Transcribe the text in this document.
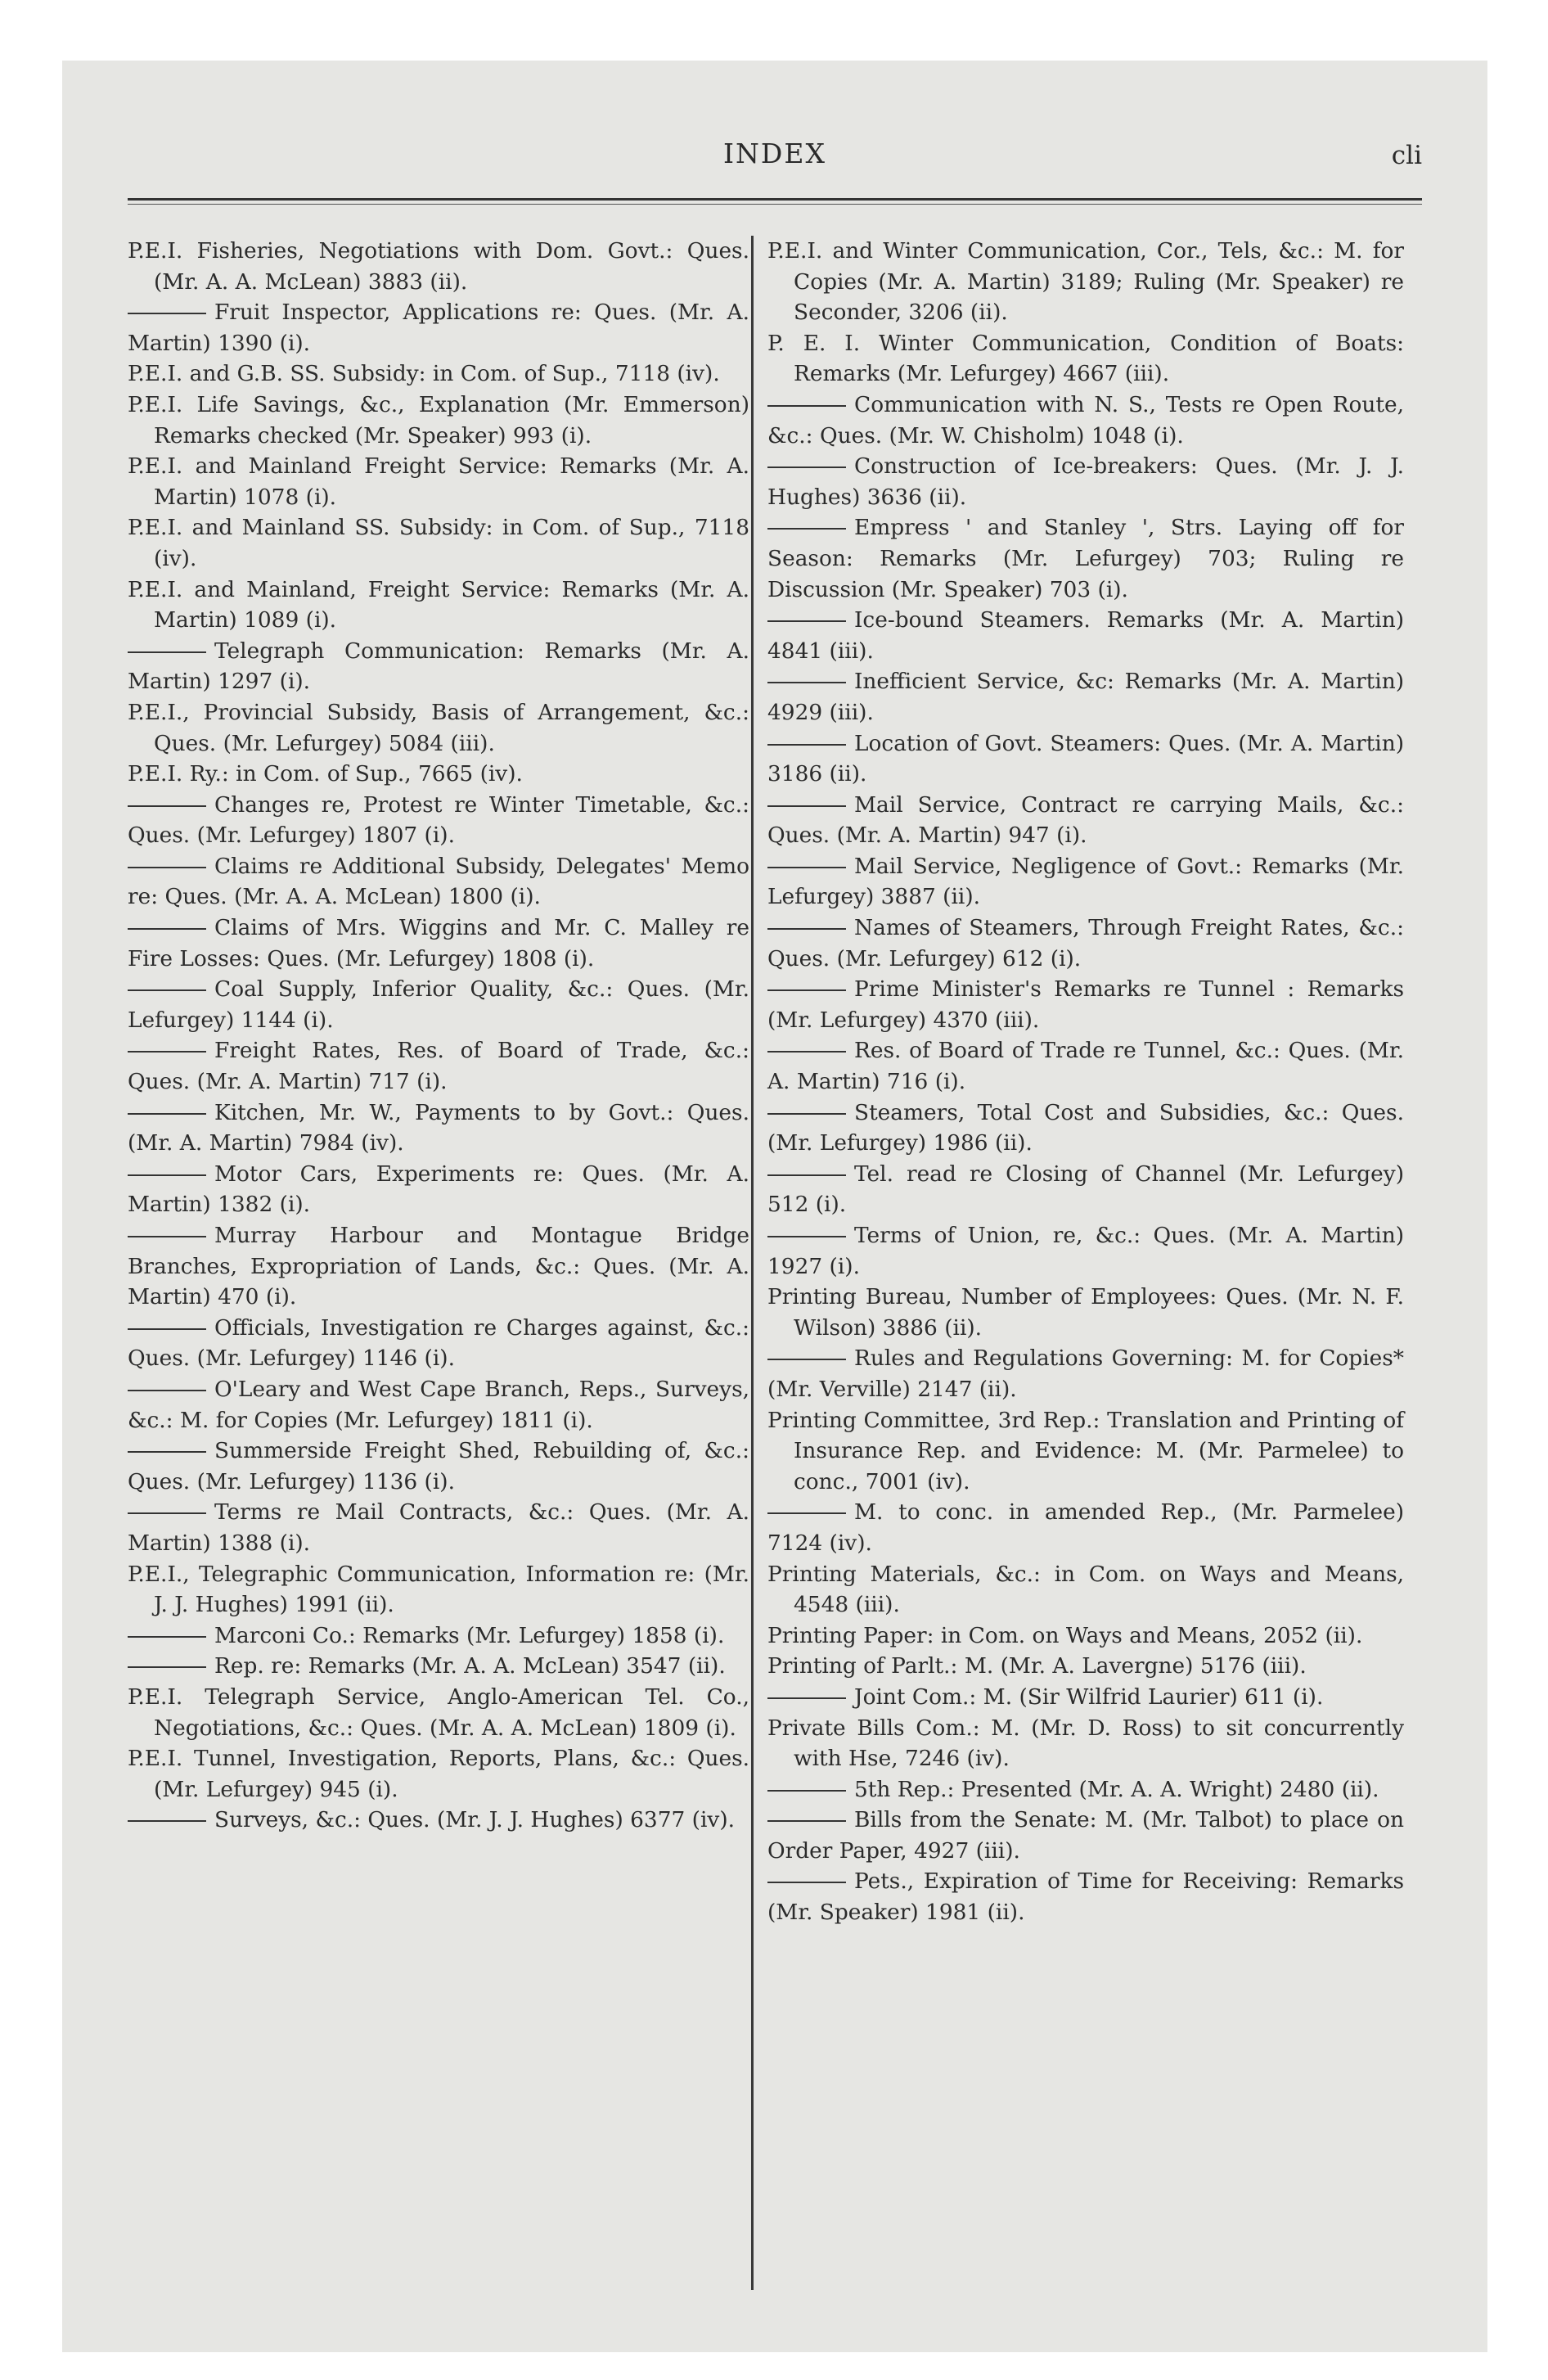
INDEX	cli

P.E.I. Fisheries, Negotiations with Dom. Govt.: Ques. (Mr. A. A. McLean) 3883 (ii).

Fruit Inspector, Applications re: Ques. (Mr. A. Martin) 1390 (i).

P.E.I. and G.B. SS. Subsidy: in Com. of Sup., 7118 (iv).

P.E.I. Life Savings, &c., Explanation (Mr. Emmerson) Remarks checked (Mr. Speaker) 993 (i).

P.E.I. and Mainland Freight Service: Remarks (Mr. A. Martin) 1078 (i).

P.E.I. and Mainland SS. Subsidy: in Com. of Sup., 7118 (iv).

P.E.I. and Mainland, Freight Service: Remarks (Mr. A. Martin) 1089 (i).

Telegraph Communication: Remarks (Mr. A. Martin) 1297 (i).

P.E.I., Provincial Subsidy, Basis of Arrangement, &c.: Ques. (Mr. Lefurgey) 5084 (iii).

P.E.I. Ry.: in Com. of Sup., 7665 (iv).

Changes re, Protest re Winter Timetable, &c.: Ques. (Mr. Lefurgey) 1807 (i).

Claims re Additional Subsidy, Delegates' Memo re: Ques. (Mr. A. A. McLean) 1800 (i).

Claims of Mrs. Wiggins and Mr. C. Malley re Fire Losses: Ques. (Mr. Lefurgey) 1808 (i).

Coal Supply, Inferior Quality, &c.: Ques. (Mr. Lefurgey) 1144 (i).

Freight Rates, Res. of Board of Trade, &c.: Ques. (Mr. A. Martin) 717 (i).

Kitchen, Mr. W., Payments to by Govt.: Ques. (Mr. A. Martin) 7984 (iv).

Motor Cars, Experiments re: Ques. (Mr. A. Martin) 1382 (i).

Murray Harbour and Montague Bridge Branches, Expropriation of Lands, &c.: Ques. (Mr. A. Martin) 470 (i).

Officials, Investigation re Charges against, &c.: Ques. (Mr. Lefurgey) 1146 (i).

O'Leary and West Cape Branch, Reps., Surveys, &c.: M. for Copies (Mr. Lefurgey) 1811 (i).

Summerside Freight Shed, Rebuilding of, &c.: Ques. (Mr. Lefurgey) 1136 (i).

Terms re Mail Contracts, &c.: Ques. (Mr. A. Martin) 1388 (i).

P.E.I., Telegraphic Communication, Information re: (Mr. J. J. Hughes) 1991 (ii).

Marconi Co.: Remarks (Mr. Lefurgey) 1858 (i).

Rep. re: Remarks (Mr. A. A. McLean) 3547 (ii).

P.E.I. Telegraph Service, Anglo-American Tel. Co., Negotiations, &c.: Ques. (Mr. A. A. McLean) 1809 (i).

P.E.I. Tunnel, Investigation, Reports, Plans, &c.: Ques. (Mr. Lefurgey) 945 (i).

Surveys, &c.: Ques. (Mr. J. J. Hughes) 6377 (iv).

P.E.I. and Winter Communication, Cor., Tels, &c.: M. for Copies (Mr. A. Martin) 3189; Ruling (Mr. Speaker) re Seconder, 3206 (ii).

P. E. I. Winter Communication, Condition of Boats: Remarks (Mr. Lefurgey) 4667 (iii).

Communication with N. S., Tests re Open Route, &c.: Ques. (Mr. W. Chisholm) 1048 (i).

Construction of Ice-breakers: Ques. (Mr. J. J. Hughes) 3636 (ii).

Empress ' and Stanley ', Strs. Laying off for Season: Remarks (Mr. Lefurgey) 703; Ruling re Discussion (Mr. Speaker) 703 (i).

Ice-bound Steamers. Remarks (Mr. A. Martin) 4841 (iii).

Inefficient Service, &c: Remarks (Mr. A. Martin) 4929 (iii).

Location of Govt. Steamers: Ques. (Mr. A. Martin) 3186 (ii).

Mail Service, Contract re carrying Mails, &c.: Ques. (Mr. A. Martin) 947 (i).

Mail Service, Negligence of Govt.: Remarks (Mr. Lefurgey) 3887 (ii).

Names of Steamers, Through Freight Rates, &c.: Ques. (Mr. Lefurgey) 612 (i).

Prime Minister's Remarks re Tunnel : Remarks (Mr. Lefurgey) 4370 (iii).

Res. of Board of Trade re Tunnel, &c.: Ques. (Mr. A. Martin) 716 (i).

Steamers, Total Cost and Subsidies, &c.: Ques. (Mr. Lefurgey) 1986 (ii).

Tel. read re Closing of Channel (Mr. Lefurgey) 512 (i).

Terms of Union, re, &c.: Ques. (Mr. A. Martin) 1927 (i).

Printing Bureau, Number of Employees: Ques. (Mr. N. F. Wilson) 3886 (ii).

Rules and Regulations Governing: M. for Copies* (Mr. Verville) 2147 (ii).

Printing Committee, 3rd Rep.: Translation and Printing of Insurance Rep. and Evidence: M. (Mr. Parmelee) to conc., 7001 (iv).

M. to conc. in amended Rep., (Mr. Parmelee) 7124 (iv).

Printing Materials, &c.: in Com. on Ways and Means, 4548 (iii).

Printing Paper: in Com. on Ways and Means, 2052 (ii).

Printing of Parlt.: M. (Mr. A. Lavergne) 5176 (iii).

Joint Com.: M. (Sir Wilfrid Laurier) 611 (i).

Private Bills Com.: M. (Mr. D. Ross) to sit concurrently with Hse, 7246 (iv).

5th Rep.: Presented (Mr. A. A. Wright) 2480 (ii).

Bills from the Senate: M. (Mr. Talbot) to place on Order Paper, 4927 (iii).

Pets., Expiration of Time for Receiving: Remarks (Mr. Speaker) 1981 (ii).
